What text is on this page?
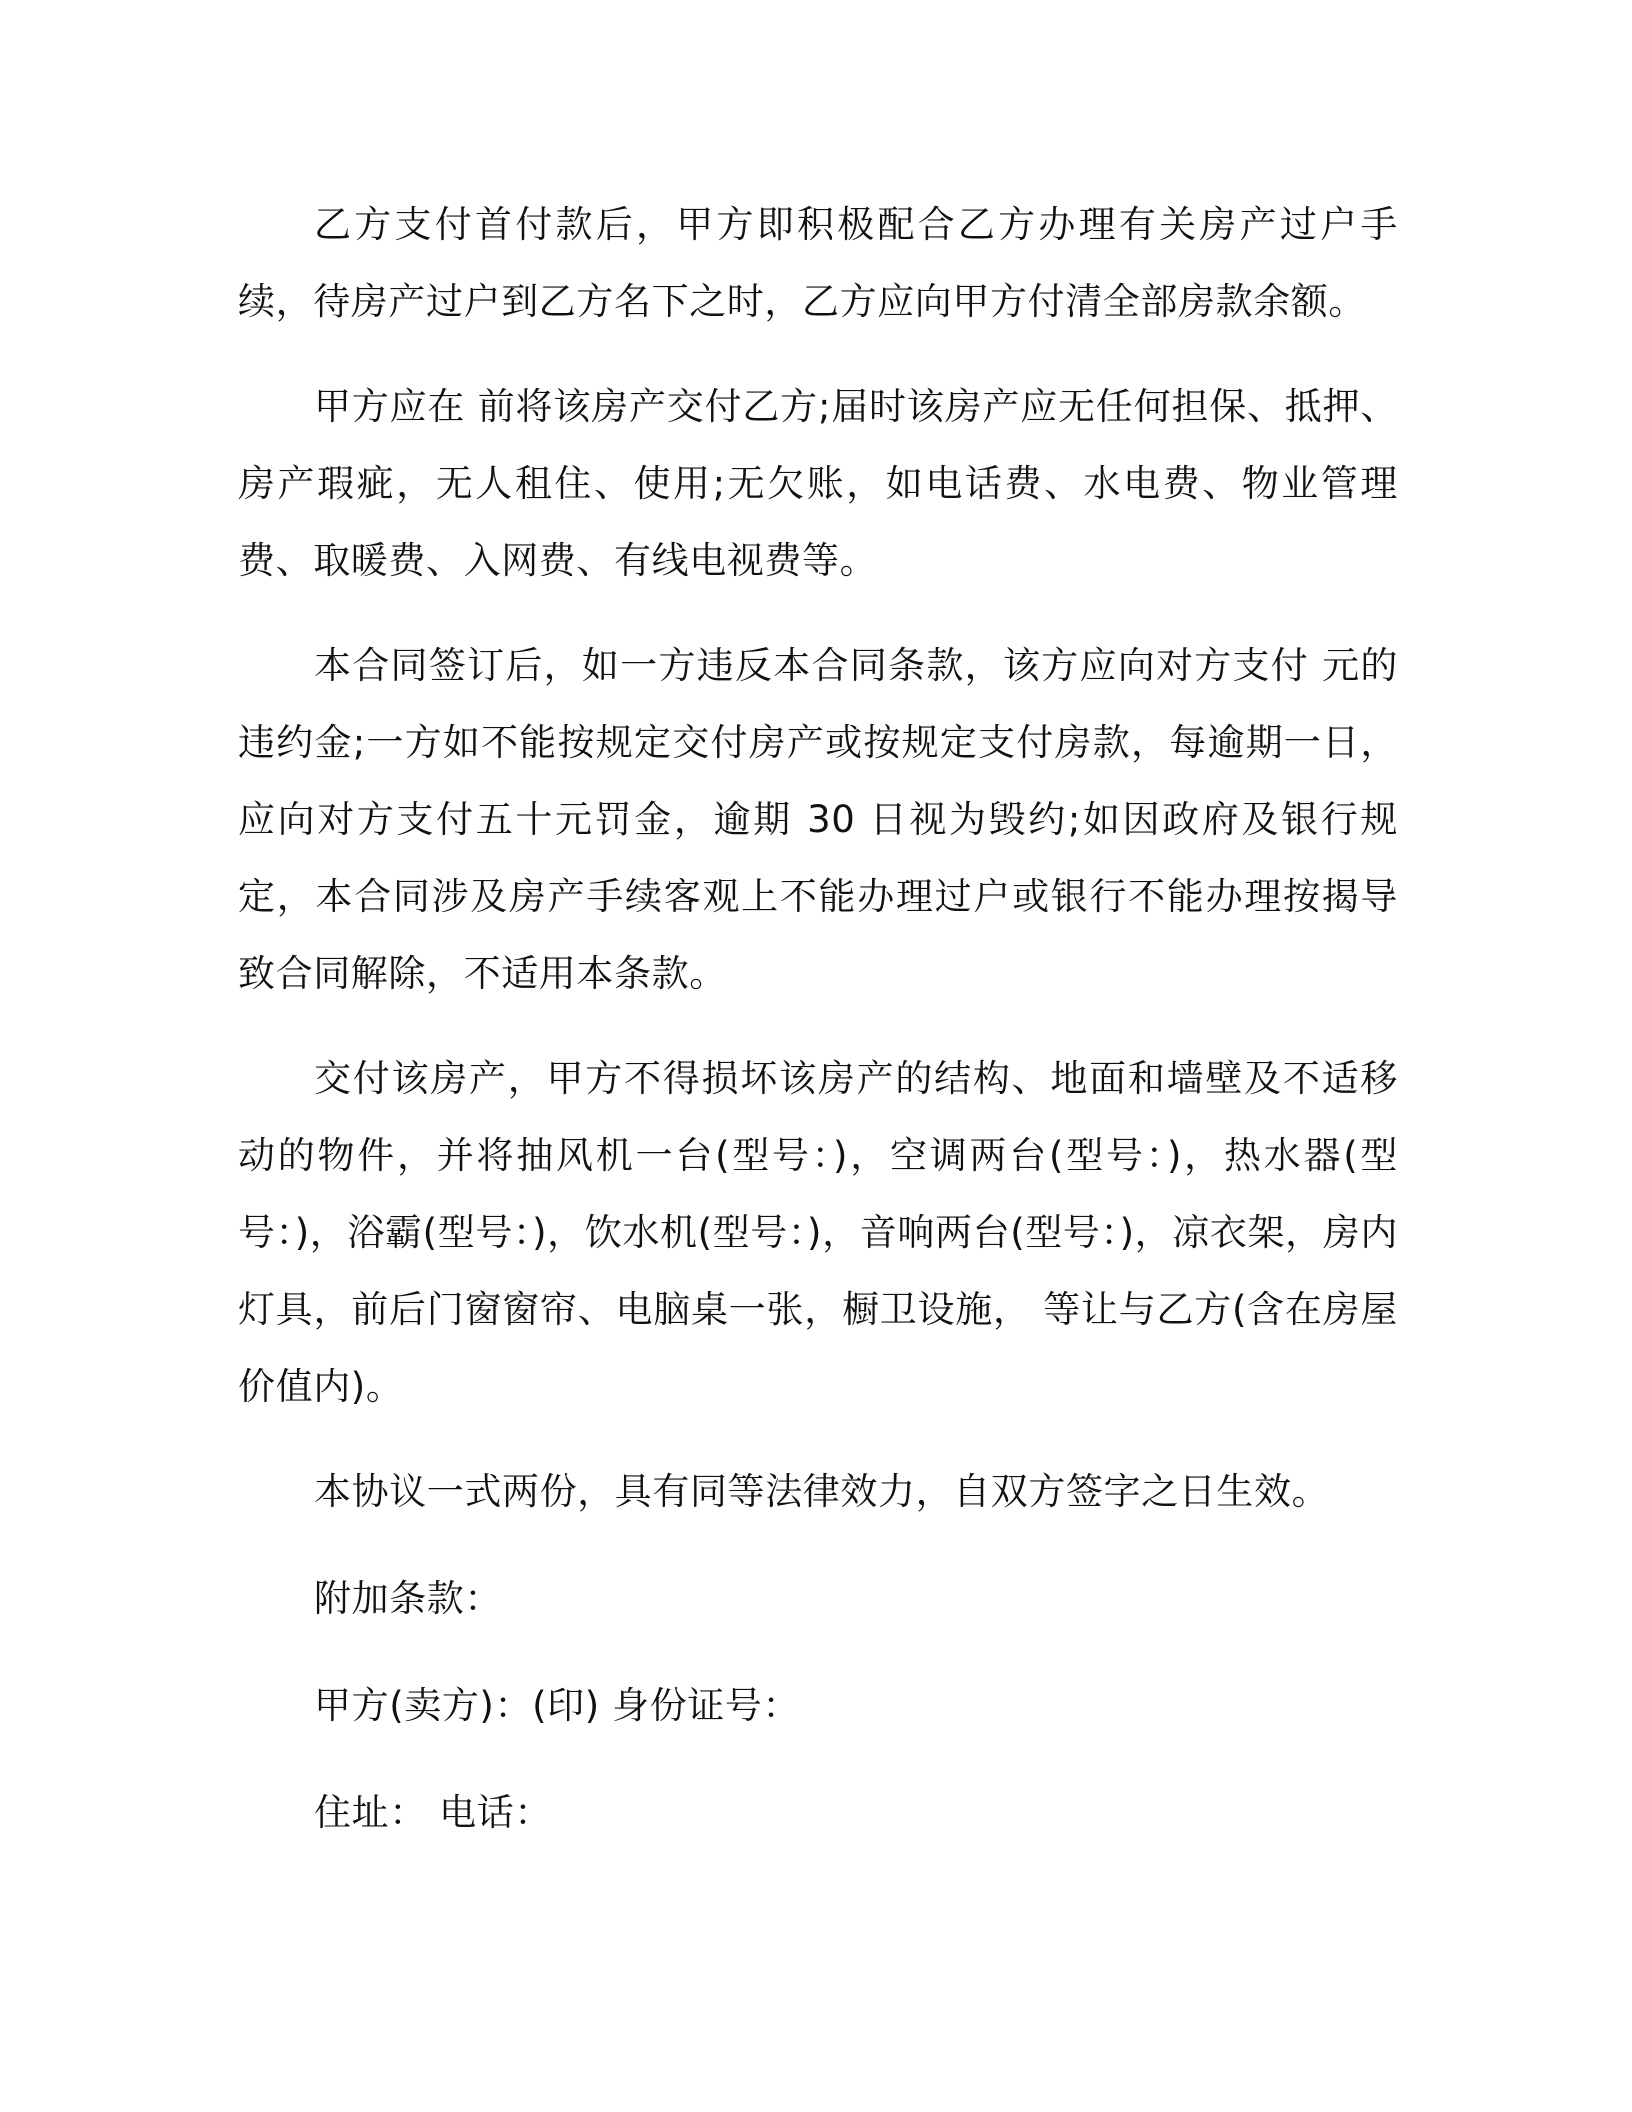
乙方支付首付款后，甲方即积极配合乙方办理有关房产过户手续，待房产过户到乙方名下之时，乙方应向甲方付清全部房款余额。

甲方应在 前将该房产交付乙方;届时该房产应无任何担保、抵押、房产瑕疵，无人租住、使用;无欠账，如电话费、水电费、物业管理费、取暖费、入网费、有线电视费等。

本合同签订后，如一方违反本合同条款，该方应向对方支付 元的违约金;一方如不能按规定交付房产或按规定支付房款，每逾期一日，应向对方支付五十元罚金，逾期 30 日视为毁约;如因政府及银行规定，本合同涉及房产手续客观上不能办理过户或银行不能办理按揭导致合同解除，不适用本条款。

交付该房产，甲方不得损坏该房产的结构、地面和墙壁及不适移动的物件，并将抽风机一台(型号：)，空调两台(型号：)，热水器(型号：)，浴霸(型号：)，饮水机(型号：)，音响两台(型号：)，凉衣架，房内灯具，前后门窗窗帘、电脑桌一张，橱卫设施， 等让与乙方(含在房屋价值内)。

本协议一式两份，具有同等法律效力，自双方签字之日生效。

附加条款：

甲方(卖方)：(印) 身份证号：

住址： 电话：
